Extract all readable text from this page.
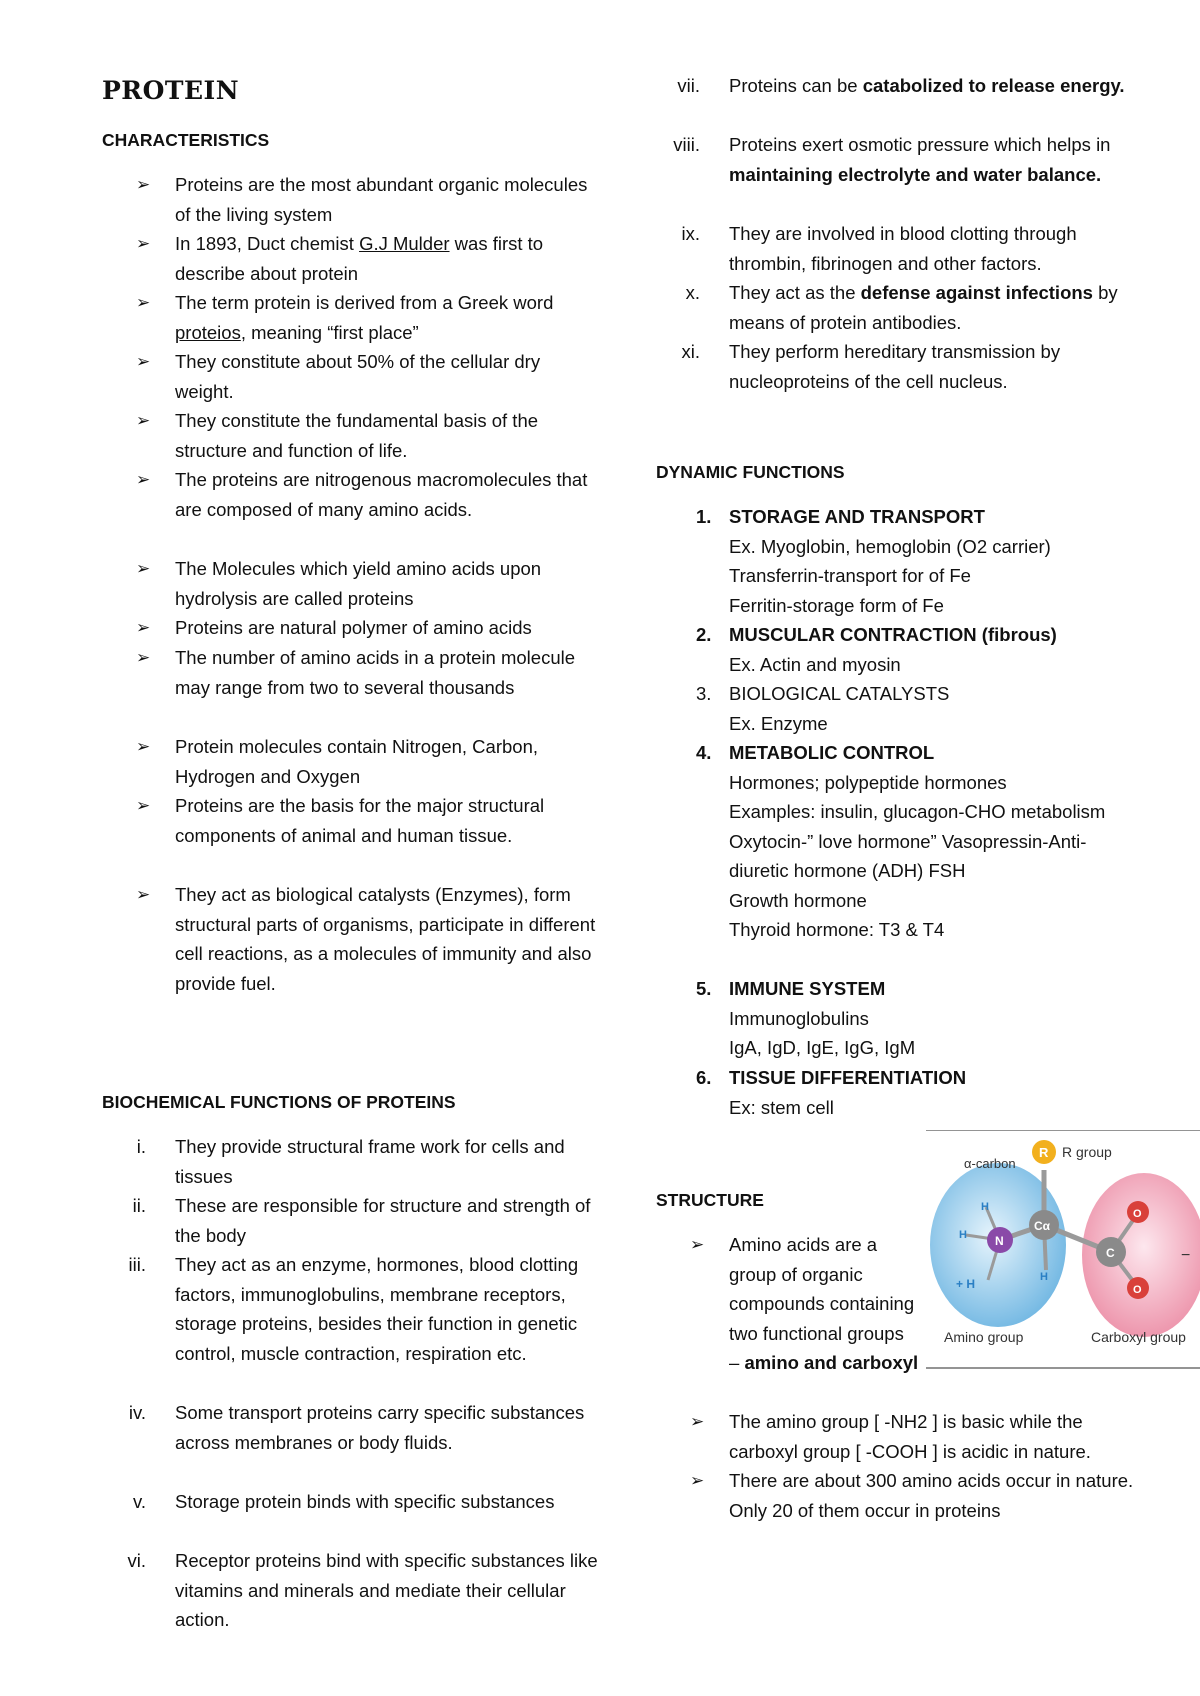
PROTEIN
CHARACTERISTICS
➢ Proteins are the most abundant organic molecules of the living system
➢ In 1893, Duct chemist G.J Mulder was first to describe about protein
➢ The term protein is derived from a Greek word proteios, meaning “first place”
➢ They constitute about 50% of the cellular dry weight.
➢ They constitute the fundamental basis of the structure and function of life.
➢ The proteins are nitrogenous macromolecules that are composed of many amino acids.
➢ The Molecules which yield amino acids upon hydrolysis are called proteins
➢ Proteins are natural polymer of amino acids
➢ The number of amino acids in a protein molecule may range from two to several thousands
➢ Protein molecules contain Nitrogen, Carbon, Hydrogen and Oxygen
➢ Proteins are the basis for the major structural components of animal and human tissue.
➢ They act as biological catalysts (Enzymes), form structural parts of organisms, participate in different cell reactions, as a molecules of immunity and also provide fuel.
BIOCHEMICAL FUNCTIONS OF PROTEINS
i. They provide structural frame work for cells and tissues
ii. These are responsible for structure and strength of the body
iii. They act as an enzyme, hormones, blood clotting factors, immunoglobulins, membrane receptors, storage proteins, besides their function in genetic control, muscle contraction, respiration etc.
iv. Some transport proteins carry specific substances across membranes or body fluids.
v. Storage protein binds with specific substances
vi. Receptor proteins bind with specific substances like vitamins and minerals and mediate their cellular action.
vii. Proteins can be catabolized to release energy.
viii. Proteins exert osmotic pressure which helps in maintaining electrolyte and water balance.
ix. They are involved in blood clotting through thrombin, fibrinogen and other factors.
x. They act as the defense against infections by means of protein antibodies.
xi. They perform hereditary transmission by nucleoproteins of the cell nucleus.
DYNAMIC FUNCTIONS
1. STORAGE AND TRANSPORT
Ex. Myoglobin, hemoglobin (O2 carrier)
Transferrin-transport for of Fe
Ferritin-storage form of Fe
2. MUSCULAR CONTRACTION (fibrous)
Ex. Actin and myosin
3. BIOLOGICAL CATALYSTS
Ex. Enzyme
4. METABOLIC CONTROL
Hormones; polypeptide hormones
Examples: insulin, glucagon-CHO metabolism
Oxytocin-” love hormone” Vasopressin-Anti-diuretic hormone (ADH) FSH
Growth hormone
Thyroid hormone: T3 & T4
5. IMMUNE SYSTEM
Immunoglobulins
IgA, IgD, IgE, IgG, IgM
6. TISSUE DIFFERENTIATION
Ex: stem cell
STRUCTURE
➢ Amino acids are a group of organic compounds containing two functional groups – amino and carboxyl
➢ The amino group [ -NH2 ] is basic while the carboxyl group [ -COOH ] is acidic in nature.
➢ There are about 300 amino acids occur in nature. Only 20 of them occur in proteins
α-carbon
R R group
Cα
N
C
O
O
−
H
H
+ H	H
Amino group	Carboxyl group
